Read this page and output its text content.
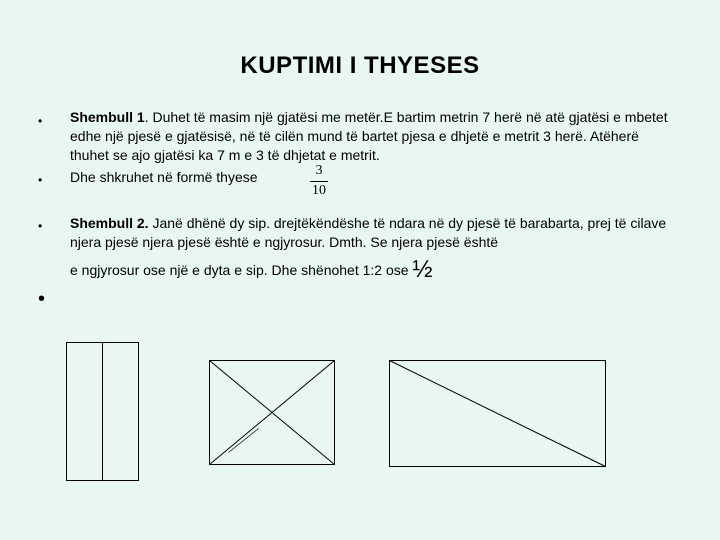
KUPTIMI I THYESES
• Shembull 1. Duhet të masim një gjatësi me metër.E bartim metrin 7 herë në atë gjatësi e mbetet edhe një pjesë e gjatësisë, në të cilën mund të bartet pjesa e dhjetë e metrit 3 herë. Atëherë thuhet se ajo gjatësi ka 7 m e 3 të dhjetat e metrit.
• Dhe shkruhet në formë thyese	3
10
• Shembull 2. Janë dhënë dy sip. drejtëkëndëshe të ndara në dy pjesë të barabarta, prej të cilave njera pjesë njera pjesë është e ngjyrosur. Dmth. Se njera pjesë është
e ngjyrosur ose një e dyta e sip. Dhe shënohet 1:2 ose ½
•
